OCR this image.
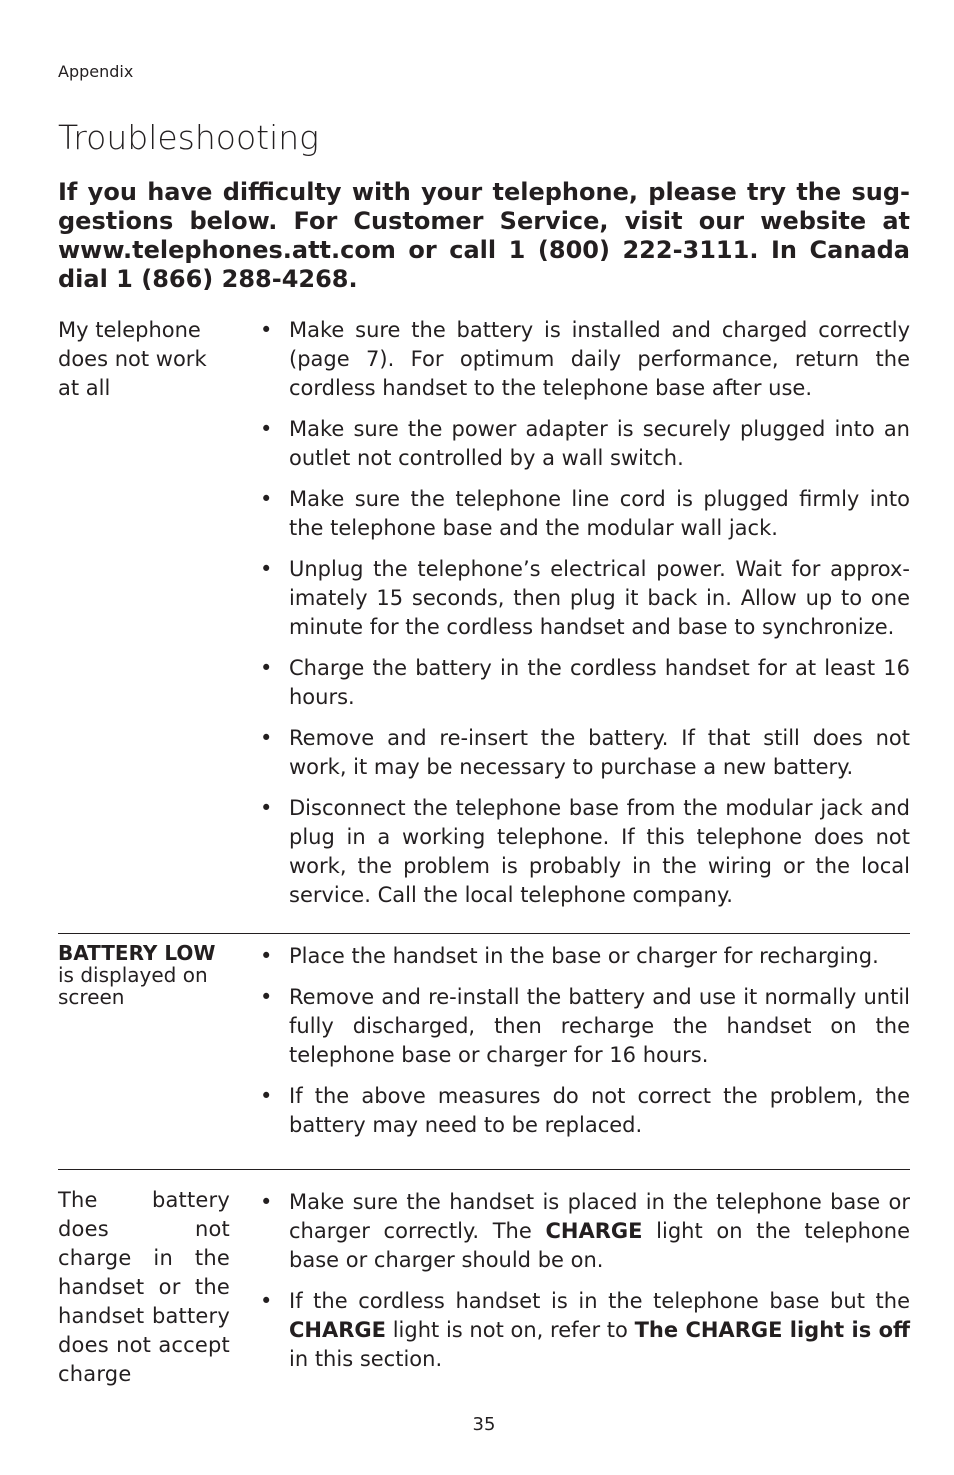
Appendix
Troubleshooting

If you have difficulty with your telephone, please try the suggestions below. For Customer Service, visit our website at www.telephones.att.com or call 1 (800) 222-3111. In Canada dial 1 (866) 288-4268.

My telephone does not work at all
• Make sure the battery is installed and charged correctly (page 7). For optimum daily performance, return the cordless handset to the telephone base after use.
• Make sure the power adapter is securely plugged into an outlet not controlled by a wall switch.
• Make sure the telephone line cord is plugged firmly into the telephone base and the modular wall jack.
• Unplug the telephone’s electrical power. Wait for approximately 15 seconds, then plug it back in. Allow up to one minute for the cordless handset and base to synchronize.
• Charge the battery in the cordless handset for at least 16 hours.
• Remove and re-insert the battery. If that still does not work, it may be necessary to purchase a new battery.
• Disconnect the telephone base from the modular jack and plug in a working telephone. If this telephone does not work, the problem is probably in the wiring or the local service. Call the local telephone company.
BATTERY LOW
is displayed on screen
• Place the handset in the base or charger for recharging.
• Remove and re-install the battery and use it normally until fully discharged, then recharge the handset on the telephone base or charger for 16 hours.
• If the above measures do not correct the problem, the battery may need to be replaced.
The battery does not charge in the handset or the handset battery does not accept charge
• Make sure the handset is placed in the telephone base or charger correctly. The CHARGE light on the telephone base or charger should be on.
• If the cordless handset is in the telephone base but the CHARGE light is not on, refer to The CHARGE light is off in this section.
35
